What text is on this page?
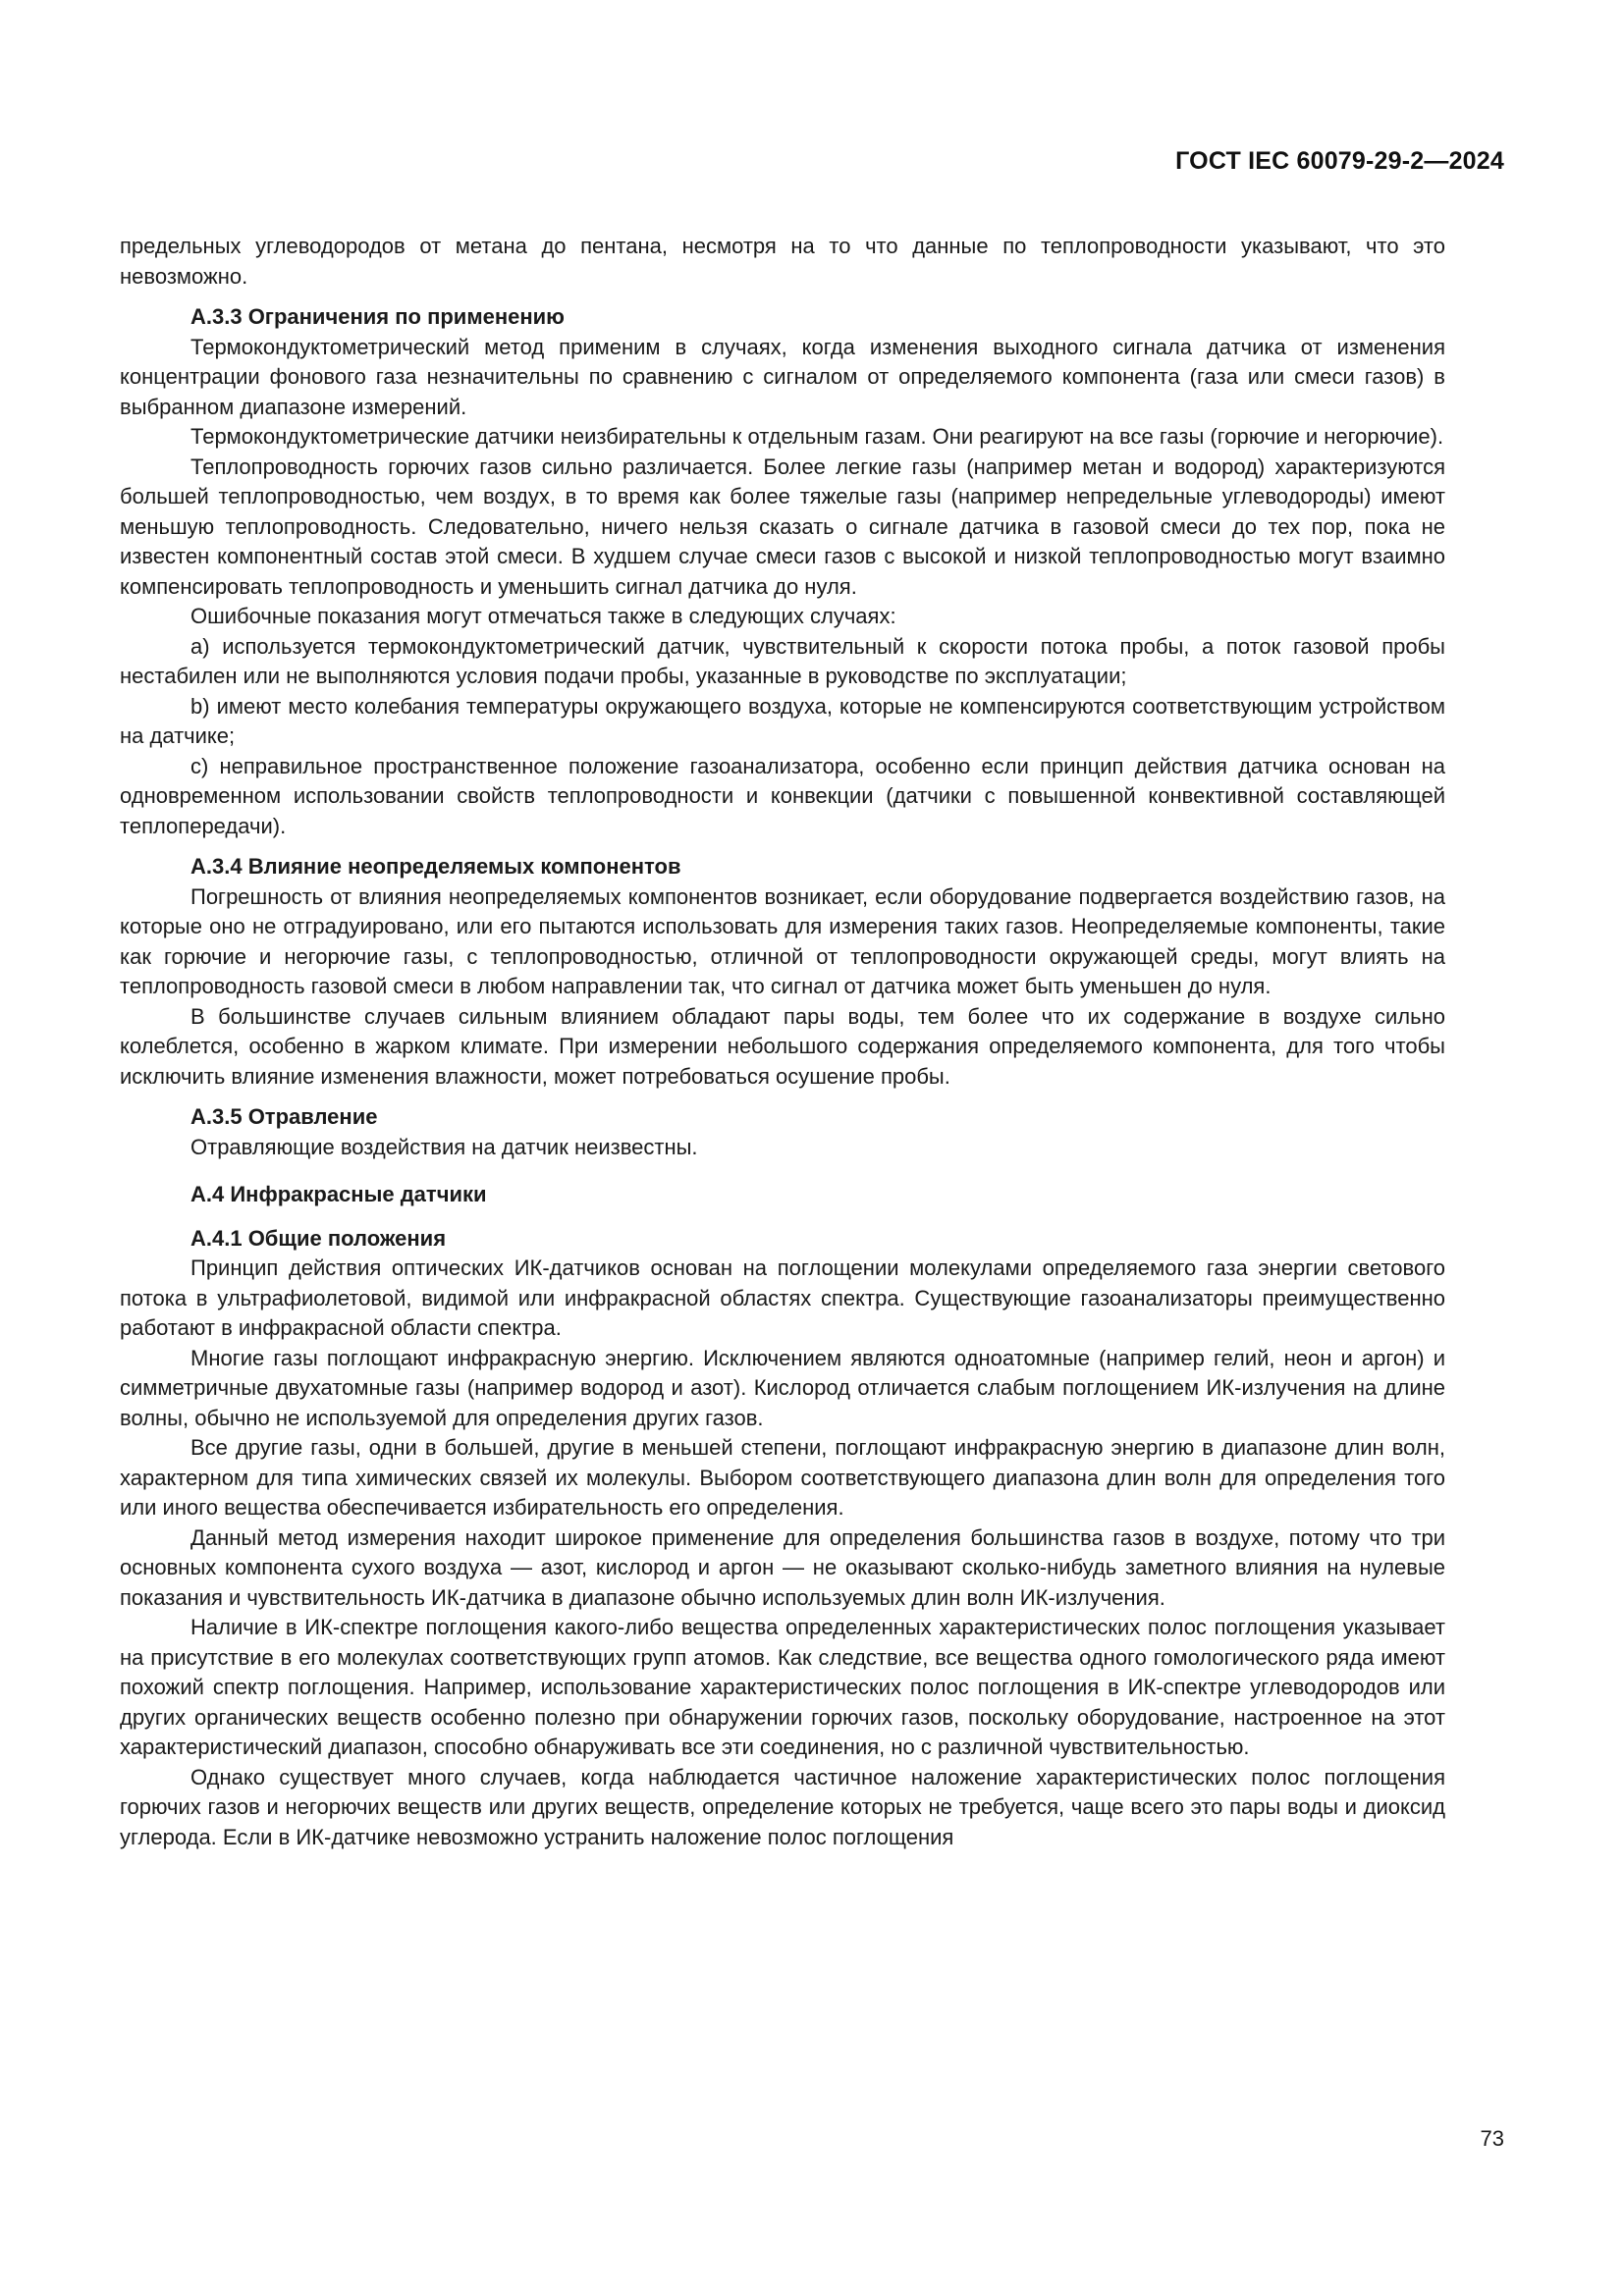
ГОСТ IEC 60079-29-2—2024

предельных углеводородов от метана до пентана, несмотря на то что данные по теплопроводности указывают, что это невозможно.

А.3.3 Ограничения по применению

Термокондуктометрический метод применим в случаях, когда изменения выходного сигнала датчика от изменения концентрации фонового газа незначительны по сравнению с сигналом от определяемого компонента (газа или смеси газов) в выбранном диапазоне измерений.

Термокондуктометрические датчики неизбирательны к отдельным газам. Они реагируют на все газы (горючие и негорючие).

Теплопроводность горючих газов сильно различается. Более легкие газы (например метан и водород) характеризуются большей теплопроводностью, чем воздух, в то время как более тяжелые газы (например непредельные углеводороды) имеют меньшую теплопроводность. Следовательно, ничего нельзя сказать о сигнале датчика в газовой смеси до тех пор, пока не известен компонентный состав этой смеси. В худшем случае смеси газов с высокой и низкой теплопроводностью могут взаимно компенсировать теплопроводность и уменьшить сигнал датчика до нуля.

Ошибочные показания могут отмечаться также в следующих случаях:

a) используется термокондуктометрический датчик, чувствительный к скорости потока пробы, а поток газовой пробы нестабилен или не выполняются условия подачи пробы, указанные в руководстве по эксплуатации;

b) имеют место колебания температуры окружающего воздуха, которые не компенсируются соответствующим устройством на датчике;

c) неправильное пространственное положение газоанализатора, особенно если принцип действия датчика основан на одновременном использовании свойств теплопроводности и конвекции (датчики с повышенной конвективной составляющей теплопередачи).

А.3.4 Влияние неопределяемых компонентов

Погрешность от влияния неопределяемых компонентов возникает, если оборудование подвергается воздействию газов, на которые оно не отградуировано, или его пытаются использовать для измерения таких газов. Неопределяемые компоненты, такие как горючие и негорючие газы, с теплопроводностью, отличной от теплопроводности окружающей среды, могут влиять на теплопроводность газовой смеси в любом направлении так, что сигнал от датчика может быть уменьшен до нуля.

В большинстве случаев сильным влиянием обладают пары воды, тем более что их содержание в воздухе сильно колеблется, особенно в жарком климате. При измерении небольшого содержания определяемого компонента, для того чтобы исключить влияние изменения влажности, может потребоваться осушение пробы.

А.3.5 Отравление

Отравляющие воздействия на датчик неизвестны.

А.4 Инфракрасные датчики

А.4.1 Общие положения

Принцип действия оптических ИК-датчиков основан на поглощении молекулами определяемого газа энергии светового потока в ультрафиолетовой, видимой или инфракрасной областях спектра. Существующие газоанализаторы преимущественно работают в инфракрасной области спектра.

Многие газы поглощают инфракрасную энергию. Исключением являются одноатомные (например гелий, неон и аргон) и симметричные двухатомные газы (например водород и азот). Кислород отличается слабым поглощением ИК-излучения на длине волны, обычно не используемой для определения других газов.

Все другие газы, одни в большей, другие в меньшей степени, поглощают инфракрасную энергию в диапазоне длин волн, характерном для типа химических связей их молекулы. Выбором соответствующего диапазона длин волн для определения того или иного вещества обеспечивается избирательность его определения.

Данный метод измерения находит широкое применение для определения большинства газов в воздухе, потому что три основных компонента сухого воздуха — азот, кислород и аргон — не оказывают сколько-нибудь заметного влияния на нулевые показания и чувствительность ИК-датчика в диапазоне обычно используемых длин волн ИК-излучения.

Наличие в ИК-спектре поглощения какого-либо вещества определенных характеристических полос поглощения указывает на присутствие в его молекулах соответствующих групп атомов. Как следствие, все вещества одного гомологического ряда имеют похожий спектр поглощения. Например, использование характеристических полос поглощения в ИК-спектре углеводородов или других органических веществ особенно полезно при обнаружении горючих газов, поскольку оборудование, настроенное на этот характеристический диапазон, способно обнаруживать все эти соединения, но с различной чувствительностью.

Однако существует много случаев, когда наблюдается частичное наложение характеристических полос поглощения горючих газов и негорючих веществ или других веществ, определение которых не требуется, чаще всего это пары воды и диоксид углерода. Если в ИК-датчике невозможно устранить наложение полос поглощения

73
